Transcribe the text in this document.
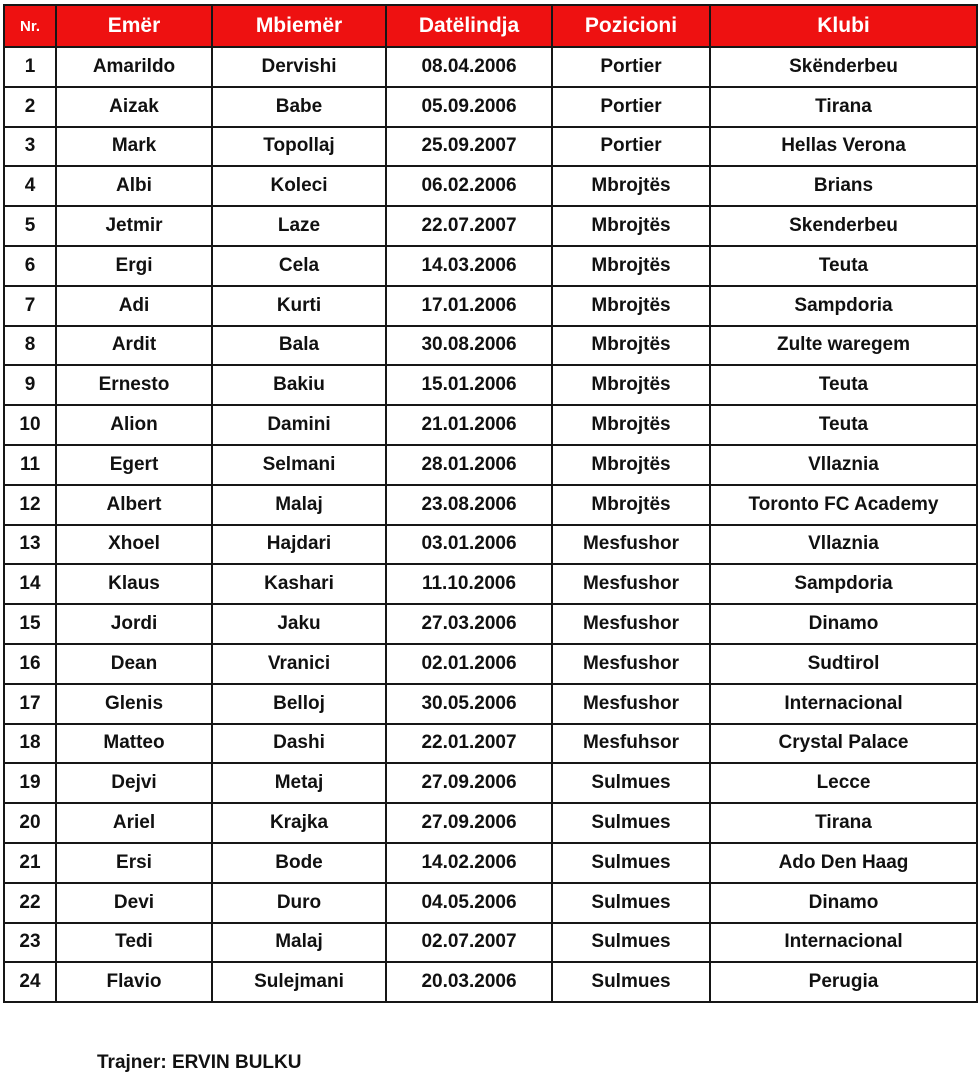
Nr.	Emër	Mbiemër	Datëlindja	Pozicioni	Klubi
1	Amarildo	Dervishi	08.04.2006	Portier	Skënderbeu
2	Aizak	Babe	05.09.2006	Portier	Tirana
3	Mark	Topollaj	25.09.2007	Portier	Hellas Verona
4	Albi	Koleci	06.02.2006	Mbrojtës	Brians
5	Jetmir	Laze	22.07.2007	Mbrojtës	Skenderbeu
6	Ergi	Cela	14.03.2006	Mbrojtës	Teuta
7	Adi	Kurti	17.01.2006	Mbrojtës	Sampdoria
8	Ardit	Bala	30.08.2006	Mbrojtës	Zulte waregem
9	Ernesto	Bakiu	15.01.2006	Mbrojtës	Teuta
10	Alion	Damini	21.01.2006	Mbrojtës	Teuta
11	Egert	Selmani	28.01.2006	Mbrojtës	Vllaznia
12	Albert	Malaj	23.08.2006	Mbrojtës	Toronto FC Academy
13	Xhoel	Hajdari	03.01.2006	Mesfushor	Vllaznia
14	Klaus	Kashari	11.10.2006	Mesfushor	Sampdoria
15	Jordi	Jaku	27.03.2006	Mesfushor	Dinamo
16	Dean	Vranici	02.01.2006	Mesfushor	Sudtirol
17	Glenis	Belloj	30.05.2006	Mesfushor	Internacional
18	Matteo	Dashi	22.01.2007	Mesfuhsor	Crystal Palace
19	Dejvi	Metaj	27.09.2006	Sulmues	Lecce
20	Ariel	Krajka	27.09.2006	Sulmues	Tirana
21	Ersi	Bode	14.02.2006	Sulmues	Ado Den Haag
22	Devi	Duro	04.05.2006	Sulmues	Dinamo
23	Tedi	Malaj	02.07.2007	Sulmues	Internacional
24	Flavio	Sulejmani	20.03.2006	Sulmues	Perugia
Trajner: ERVIN BULKU
